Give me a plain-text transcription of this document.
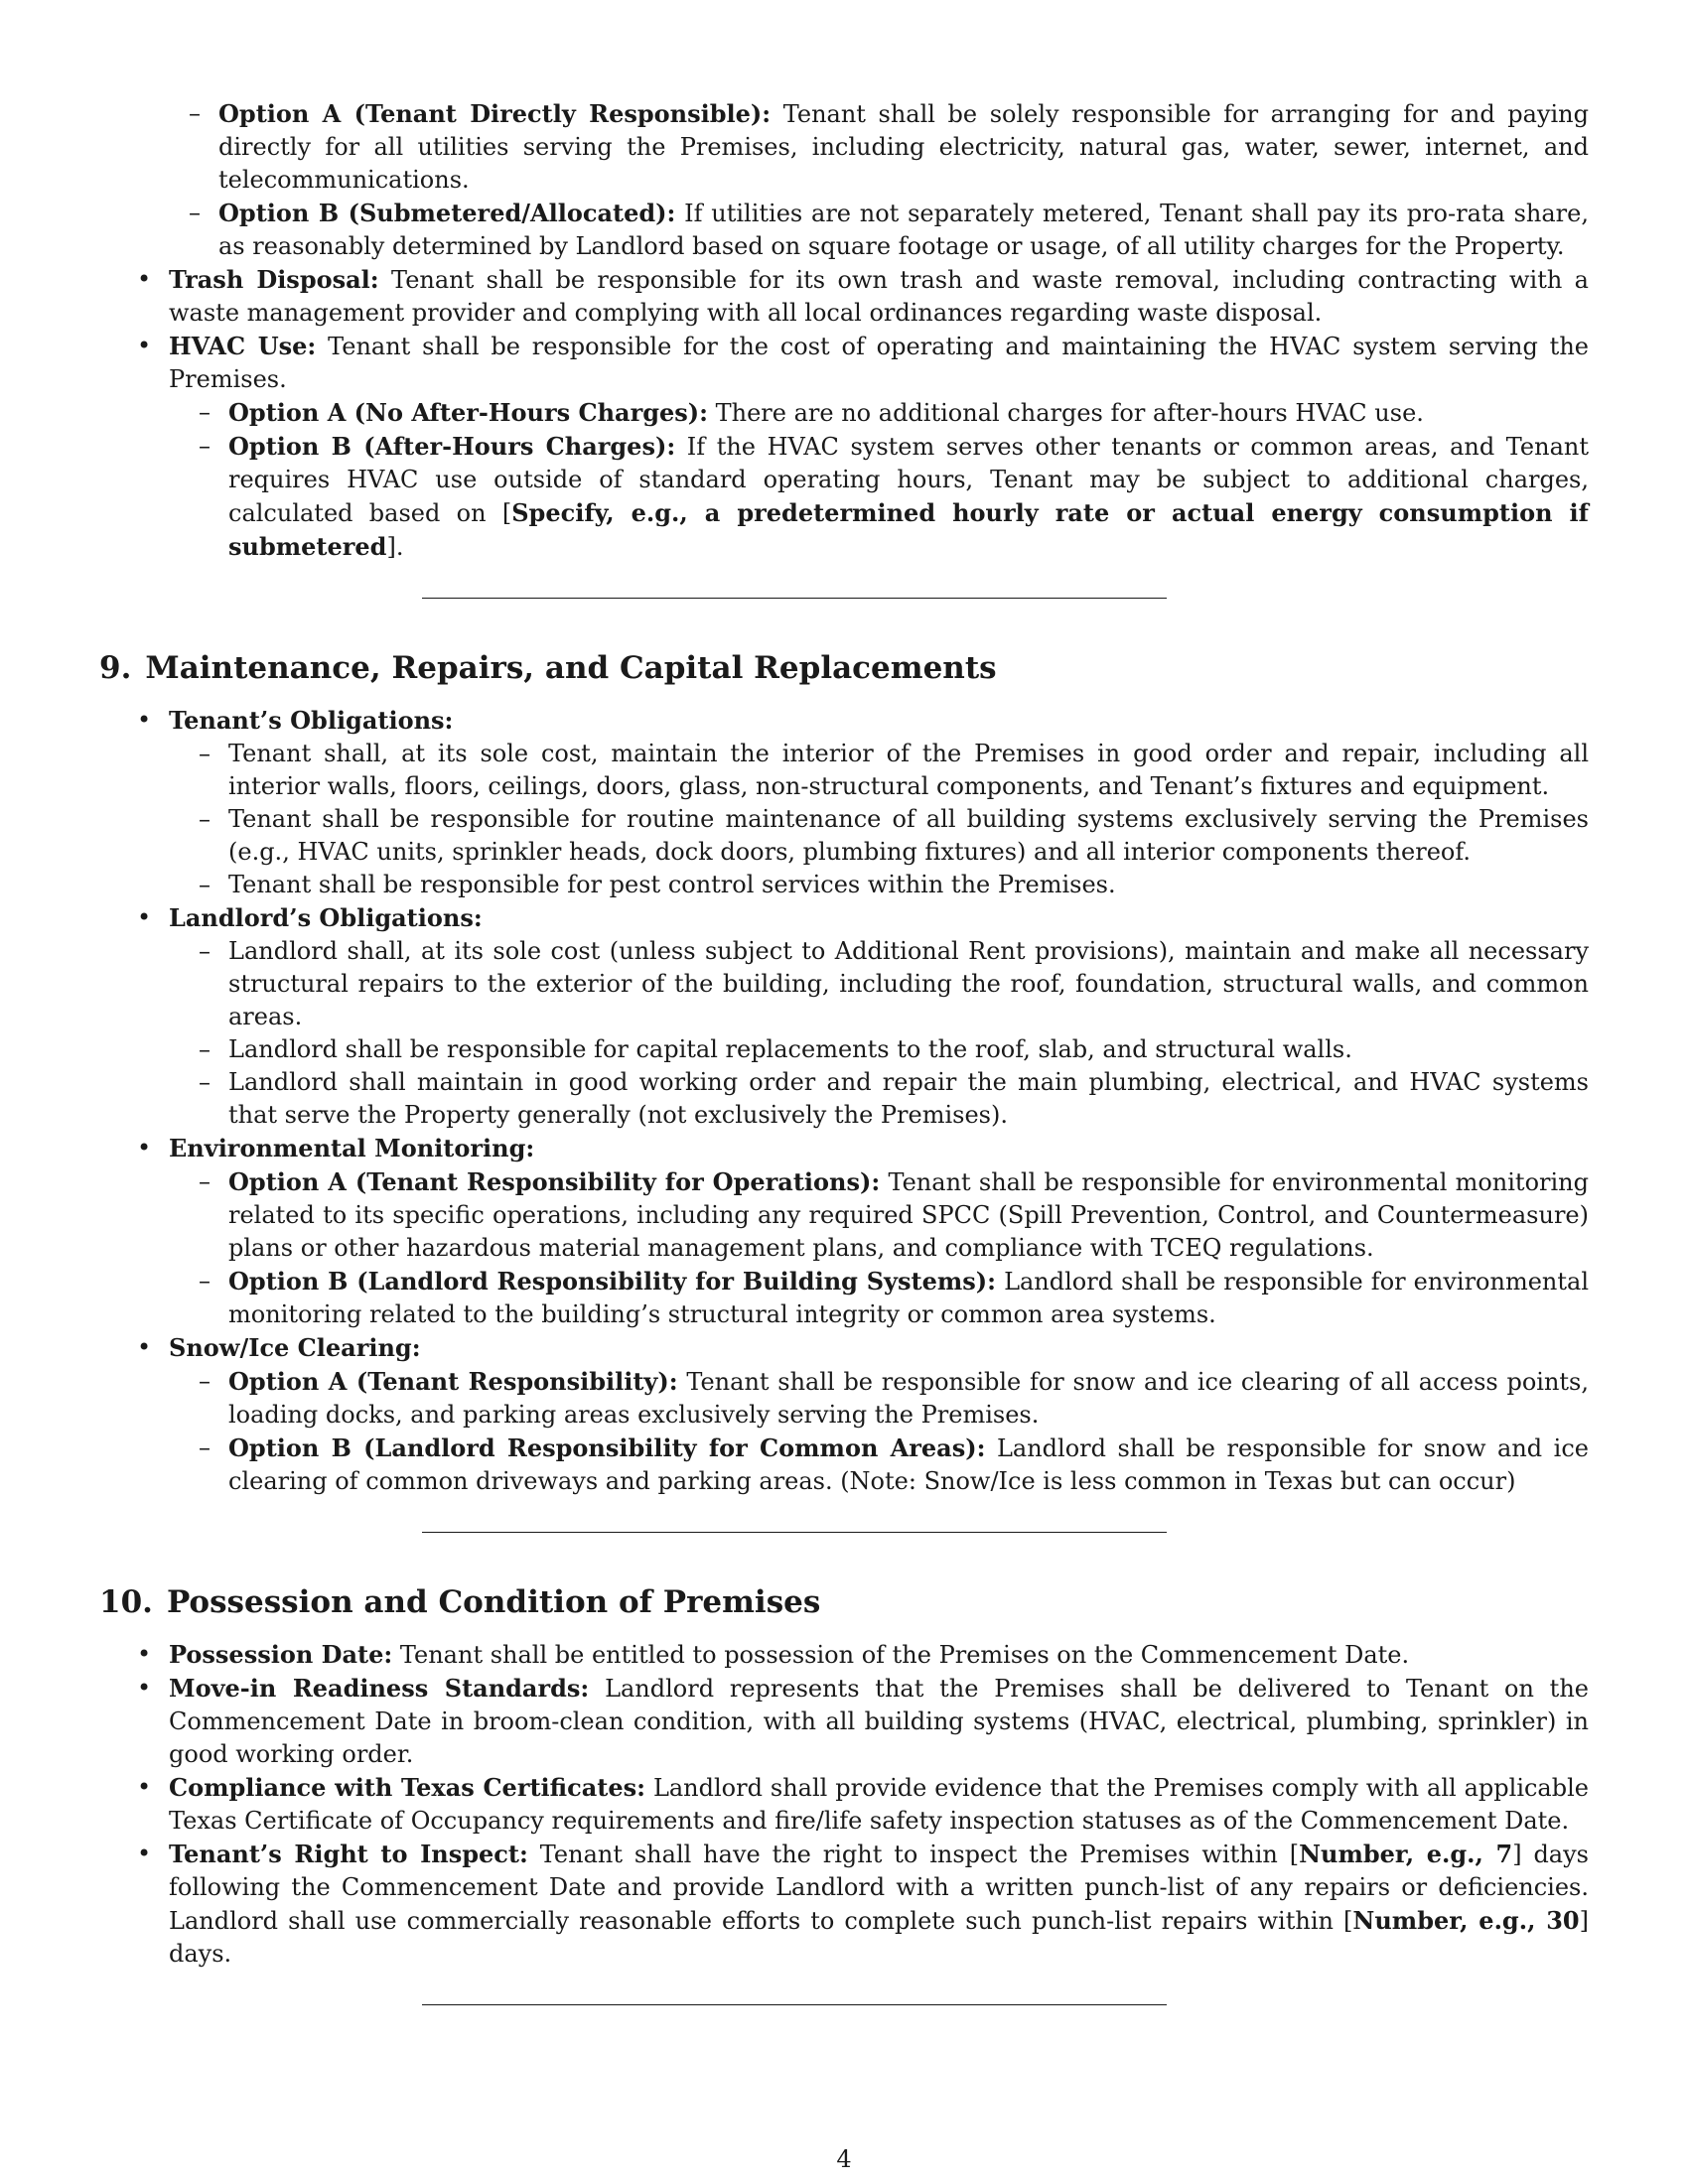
– Option A (Tenant Directly Responsible): Tenant shall be solely responsible for arranging for and paying directly for all utilities serving the Premises, including electricity, natural gas, water, sewer, internet, and telecommunications.
– Option B (Submetered/Allocated): If utilities are not separately metered, Tenant shall pay its pro-rata share, as reasonably determined by Landlord based on square footage or usage, of all utility charges for the Property.
• Trash Disposal: Tenant shall be responsible for its own trash and waste removal, including contracting with a waste management provider and complying with all local ordinances regarding waste disposal.
• HVAC Use: Tenant shall be responsible for the cost of operating and maintaining the HVAC system serving the Premises.
– Option A (No After-Hours Charges): There are no additional charges for after-hours HVAC use.
– Option B (After-Hours Charges): If the HVAC system serves other tenants or common areas, and Tenant requires HVAC use outside of standard operating hours, Tenant may be subject to additional charges, calculated based on [Specify, e.g., a predetermined hourly rate or actual energy consumption if submetered].
9. Maintenance, Repairs, and Capital Replacements
• Tenant’s Obligations:
– Tenant shall, at its sole cost, maintain the interior of the Premises in good order and repair, including all interior walls, floors, ceilings, doors, glass, non-structural components, and Tenant’s fixtures and equipment.
– Tenant shall be responsible for routine maintenance of all building systems exclusively serving the Premises (e.g., HVAC units, sprinkler heads, dock doors, plumbing fixtures) and all interior components thereof.
– Tenant shall be responsible for pest control services within the Premises.
• Landlord’s Obligations:
– Landlord shall, at its sole cost (unless subject to Additional Rent provisions), maintain and make all necessary structural repairs to the exterior of the building, including the roof, foundation, structural walls, and common areas.
– Landlord shall be responsible for capital replacements to the roof, slab, and structural walls.
– Landlord shall maintain in good working order and repair the main plumbing, electrical, and HVAC systems that serve the Property generally (not exclusively the Premises).
• Environmental Monitoring:
– Option A (Tenant Responsibility for Operations): Tenant shall be responsible for environmental monitoring related to its specific operations, including any required SPCC (Spill Prevention, Control, and Countermeasure) plans or other hazardous material management plans, and compliance with TCEQ regulations.
– Option B (Landlord Responsibility for Building Systems): Landlord shall be responsible for environmental monitoring related to the building’s structural integrity or common area systems.
• Snow/Ice Clearing:
– Option A (Tenant Responsibility): Tenant shall be responsible for snow and ice clearing of all access points, loading docks, and parking areas exclusively serving the Premises.
– Option B (Landlord Responsibility for Common Areas): Landlord shall be responsible for snow and ice clearing of common driveways and parking areas. (Note: Snow/Ice is less common in Texas but can occur)
10. Possession and Condition of Premises
• Possession Date: Tenant shall be entitled to possession of the Premises on the Commencement Date.
• Move-in Readiness Standards: Landlord represents that the Premises shall be delivered to Tenant on the Commencement Date in broom-clean condition, with all building systems (HVAC, electrical, plumbing, sprinkler) in good working order.
• Compliance with Texas Certificates: Landlord shall provide evidence that the Premises comply with all applicable Texas Certificate of Occupancy requirements and fire/life safety inspection statuses as of the Commencement Date.
• Tenant’s Right to Inspect: Tenant shall have the right to inspect the Premises within [Number, e.g., 7] days following the Commencement Date and provide Landlord with a written punch-list of any repairs or deficiencies. Landlord shall use commercially reasonable efforts to complete such punch-list repairs within [Number, e.g., 30] days.
4
